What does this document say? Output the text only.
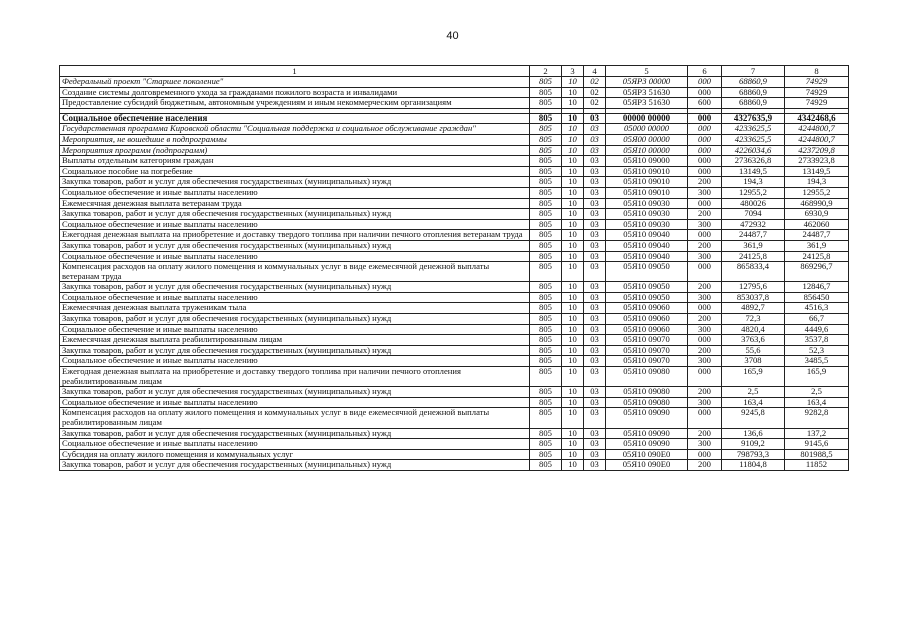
40
1	2	3	4	5	6	7	8
Федеральный проект "Старшее поколение"	805	10	02	05ЯР3 00000	000	68860,9	74929
Создание системы долговременного ухода за гражданами пожилого возраста и инвалидами	805	10	02	05ЯР3 51630	000	68860,9	74929
Предоставление субсидий бюджетным, автономным учреждениям и иным некоммерческим организациям	805	10	02	05ЯР3 51630	600	68860,9	74929

Социальное обеспечение населения	805	10	03	00000 00000	000	4327635,9	4342468,6
Государственная программа Кировской области "Социальная поддержка и социальное обслуживание граждан"	805	10	03	05000 00000	000	4233625,5	4244800,7
Мероприятия, не вошедшие в подпрограммы	805	10	03	05Я00 00000	000	4233625,5	4244800,7
Мероприятия программ (подпрограмм)	805	10	03	05Я10 00000	000	4226034,6	4237209,8
Выплаты отдельным категориям граждан	805	10	03	05Я10 09000	000	2736326,8	2733923,8
Социальное пособие на погребение	805	10	03	05Я10 09010	000	13149,5	13149,5
Закупка товаров, работ и услуг для обеспечения государственных (муниципальных) нужд	805	10	03	05Я10 09010	200	194,3	194,3
Социальное обеспечение и иные выплаты населению	805	10	03	05Я10 09010	300	12955,2	12955,2
Ежемесячная денежная выплата ветеранам труда	805	10	03	05Я10 09030	000	480026	468990,9
Закупка товаров, работ и услуг для обеспечения государственных (муниципальных) нужд	805	10	03	05Я10 09030	200	7094	6930,9
Социальное обеспечение и иные выплаты населению	805	10	03	05Я10 09030	300	472932	462060
Ежегодная денежная выплата на приобретение и доставку твердого топлива при наличии печного отопления ветеранам труда	805	10	03	05Я10 09040	000	24487,7	24487,7
Закупка товаров, работ и услуг для обеспечения государственных (муниципальных) нужд	805	10	03	05Я10 09040	200	361,9	361,9
Социальное обеспечение и иные выплаты населению	805	10	03	05Я10 09040	300	24125,8	24125,8
Компенсация расходов на оплату жилого помещения и коммунальных услуг в виде ежемесячной денежной выплаты ветеранам труда	805	10	03	05Я10 09050	000	865833,4	869296,7
Закупка товаров, работ и услуг для обеспечения государственных (муниципальных) нужд	805	10	03	05Я10 09050	200	12795,6	12846,7
Социальное обеспечение и иные выплаты населению	805	10	03	05Я10 09050	300	853037,8	856450
Ежемесячная денежная выплата труженикам тыла	805	10	03	05Я10 09060	000	4892,7	4516,3
Закупка товаров, работ и услуг для обеспечения государственных (муниципальных) нужд	805	10	03	05Я10 09060	200	72,3	66,7
Социальное обеспечение и иные выплаты населению	805	10	03	05Я10 09060	300	4820,4	4449,6
Ежемесячная денежная выплата реабилитированным лицам	805	10	03	05Я10 09070	000	3763,6	3537,8
Закупка товаров, работ и услуг для обеспечения государственных (муниципальных) нужд	805	10	03	05Я10 09070	200	55,6	52,3
Социальное обеспечение и иные выплаты населению	805	10	03	05Я10 09070	300	3708	3485,5
Ежегодная денежная выплата на приобретение и доставку твердого топлива при наличии печного отопления реабилитированным лицам	805	10	03	05Я10 09080	000	165,9	165,9
Закупка товаров, работ и услуг для обеспечения государственных (муниципальных) нужд	805	10	03	05Я10 09080	200	2,5	2,5
Социальное обеспечение и иные выплаты населению	805	10	03	05Я10 09080	300	163,4	163,4
Компенсация расходов на оплату жилого помещения и коммунальных услуг в виде ежемесячной денежной выплаты реабилитированным лицам	805	10	03	05Я10 09090	000	9245,8	9282,8
Закупка товаров, работ и услуг для обеспечения государственных (муниципальных) нужд	805	10	03	05Я10 09090	200	136,6	137,2
Социальное обеспечение и иные выплаты населению	805	10	03	05Я10 09090	300	9109,2	9145,6
Субсидия на оплату жилого помещения и коммунальных услуг	805	10	03	05Я10 090Е0	000	798793,3	801988,5
Закупка товаров, работ и услуг для обеспечения государственных (муниципальных) нужд	805	10	03	05Я10 090Е0	200	11804,8	11852
